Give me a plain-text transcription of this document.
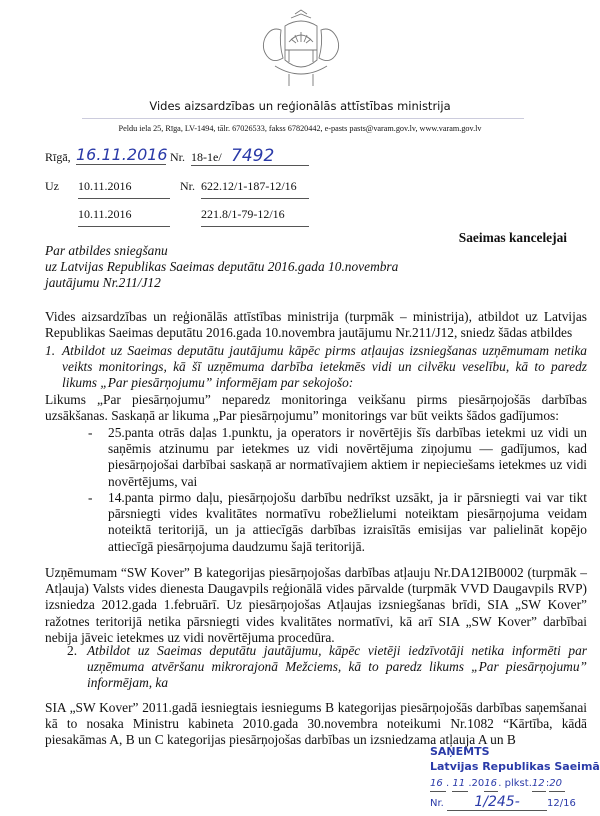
Vides aizsardzības un reģionālās attīstības ministrija
Peldu iela 25, Rīga, LV-1494, tālr. 67026533, fakss 67820442, e-pasts pasts@varam.gov.lv, www.varam.gov.lv
Rīgā, 16.11.2016 Nr. 18-1e/ 7492
Uz 10.11.2016	Nr. 622.12/1-187-12/16
10.11.2016	221.8/1-79-12/16
Saeimas kancelejai
Par atbildes sniegšanu
uz Latvijas Republikas Saeimas deputātu 2016.gada 10.novembra
jautājumu Nr.211/J12
Vides aizsardzības un reģionālās attīstības ministrija (turpmāk – ministrija), atbildot uz Latvijas Republikas Saeimas deputātu 2016.gada 10.novembra jautājumu Nr.211/J12, sniedz šādas atbildes
1. Atbildot uz Saeimas deputātu jautājumu kāpēc pirms atļaujas izsniegšanas uzņēmumam netika veikts monitorings, kā šī uzņēmuma darbība ietekmēs vidi un cilvēku veselību, kā to paredz likums „Par piesārņojumu” informējam par sekojošo:
Likums „Par piesārņojumu” neparedz monitoringa veikšanu pirms piesārņojošās darbības uzsākšanas. Saskaņā ar likuma „Par piesārņojumu” monitorings var būt veikts šādos gadījumos:
- 25.panta otrās daļas 1.punktu, ja operators ir novērtējis šīs darbības ietekmi uz vidi un saņēmis atzinumu par ietekmes uz vidi novērtējuma ziņojumu — gadījumos, kad piesārņojošai darbībai saskaņā ar normatīvajiem aktiem ir nepieciešams ietekmes uz vidi novērtējums, vai
- 14.panta pirmo daļu, piesārņojošu darbību nedrīkst uzsākt, ja ir pārsniegti vai var tikt pārsniegti vides kvalitātes normatīvu robežlielumi noteiktam piesārņojuma veidam noteiktā teritorijā, un ja attiecīgās darbības izraisītās emisijas var palielināt kopējo attiecīgā piesārņojuma daudzumu šajā teritorijā.
Uzņēmumam “SW Kover” B kategorijas piesārņojošas darbības atļauju Nr.DA12IB0002 (turpmāk – Atļauja) Valsts vides dienesta Daugavpils reģionālā vides pārvalde (turpmāk VVD Daugavpils RVP) izsniedza 2012.gada 1.februārī. Uz piesārņojošas Atļaujas izsniegšanas brīdi, SIA „SW Kover” ražotnes teritorijā netika pārsniegti vides kvalitātes normatīvi, kā arī SIA „SW Kover” darbībai nebija jāveic ietekmes uz vidi novērtējuma procedūra.
2. Atbildot uz Saeimas deputātu jautājumu, kāpēc vietēji iedzīvotāji netika informēti par uzņēmuma atvēršanu mikrorajonā Mežciems, kā to paredz likums „Par piesārņojumu” informējam, ka
SIA „SW Kover” 2011.gadā iesniegtais iesniegums B kategorijas piesārņojošās darbības saņemšanai kā to nosaka Ministru kabineta 2010.gada 30.novembra noteikumi Nr.1082 “Kārtība, kādā piesakāmas A, B un C kategorijas piesārņojošas darbības un izsniedzama atļauja A un B
SAŅEMTS
Latvijas Republikas Saeimā
16 . 11 .2016. plkst.12:20
Nr. 1/245-	12/16
